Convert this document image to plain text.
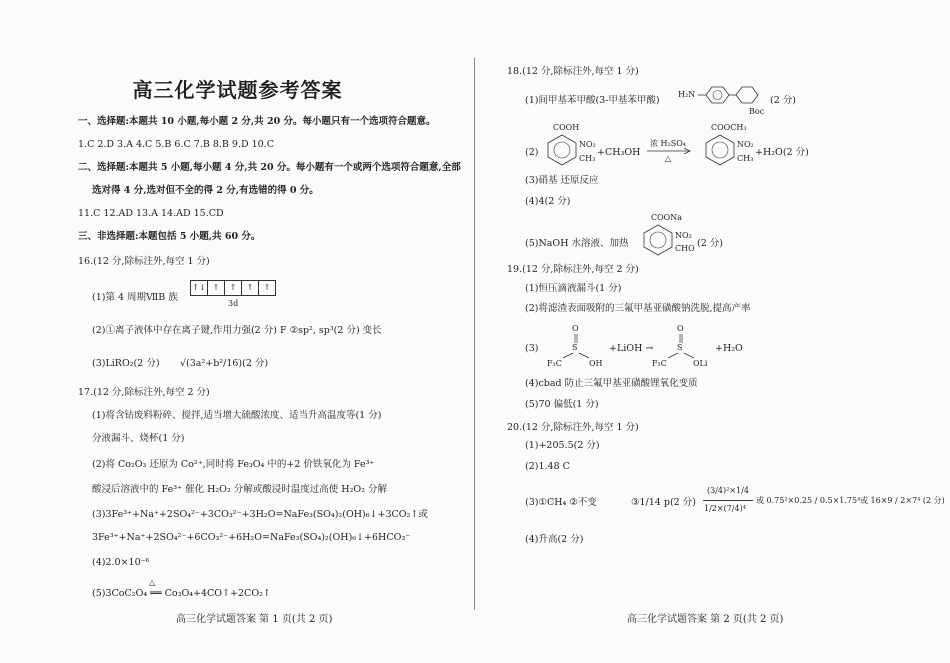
高三化学试题参考答案
一、选择题:本题共 10 小题,每小题 2 分,共 20 分。每小题只有一个选项符合题意。
1.C 2.D 3.A 4.C 5.B 6.C 7.B 8.B 9.D 10.C
二、选择题:本题共 5 小题,每小题 4 分,共 20 分。每小题有一个或两个选项符合题意,全部
选对得 4 分,选对但不全的得 2 分,有选错的得 0 分。
11.C 12.AD 13.A 14.AD 15.CD
三、非选择题:本题包括 5 小题,共 60 分。
16.(12 分,除标注外,每空 1 分)
(1)第 4 周期ⅦB 族
↑↓ ↑	↑	↑	↑
3d
(2)①离子液体中存在离子键,作用力强(2 分) F ②sp², sp³(2 分) 变长
(3)LiRO₂(2 分) √(3a²+b²/16)(2 分)
17.(12 分,除标注外,每空 2 分)
(1)将含钴废料粉碎、搅拌,适当增大硫酸浓度、适当升高温度等(1 分)
分液漏斗、烧杯(1 分)
(2)将 Co₂O₃ 还原为 Co²⁺,同时将 Fe₃O₄ 中的+2 价铁氧化为 Fe³⁺
酸浸后溶液中的 Fe³⁺ 催化 H₂O₂ 分解或酸浸时温度过高使 H₂O₂ 分解
(3)3Fe³⁺+Na⁺+2SO₄²⁻+3CO₃²⁻+3H₂O=NaFe₃(SO₄)₂(OH)₆↓+3CO₂↑或
3Fe³⁺+Na⁺+2SO₄²⁻+6CO₃²⁻+6H₂O=NaFe₃(SO₄)₂(OH)₆↓+6HCO₃⁻
(4)2.0×10⁻⁶
△
(5)3CoC₂O₄ ══ Co₃O₄+4CO↑+2CO₂↑
高三化学试题答案 第 1 页(共 2 页)
18.(12 分,除标注外,每空 1 分)
(1)间甲基苯甲酸(3-甲基苯甲酸)
H₂N
Boc
(2 分)
(2)
COOH
NO₂
CH₃
+CH₃OH
浓 H₂SO₄
△
COOCH₃
NO₂
CH₃
+H₂O(2 分)
(3)硝基 还原反应
(4)4(2 分)
(5)NaOH 水溶液、加热
COONa
NO₂
CHO (2 分)
19.(12 分,除标注外,每空 2 分)
(1)恒压滴液漏斗(1 分)
(2)将滤渣表面吸附的三氟甲基亚磺酸钠洗脱,提高产率
(3)
O
S
F₃C	OH
+LiOH →
O
S
F₃C	OLi
+H₂O
(4)cbad 防止三氟甲基亚磺酸锂氧化变质
(5)70 偏低(1 分)
20.(12 分,除标注外,每空 1 分)
(1)+205.5(2 分)
(2)1.48 C
(3)①CH₄ ②不变	③1/14 p(2 分)
(3/4)²×1/4
1/2×(7/4)⁴
或 0.75²×0.25 / 0.5×1.75⁴ 或 16×9 / 2×7⁴ (2 分)
(4)升高(2 分)
高三化学试题答案 第 2 页(共 2 页)
